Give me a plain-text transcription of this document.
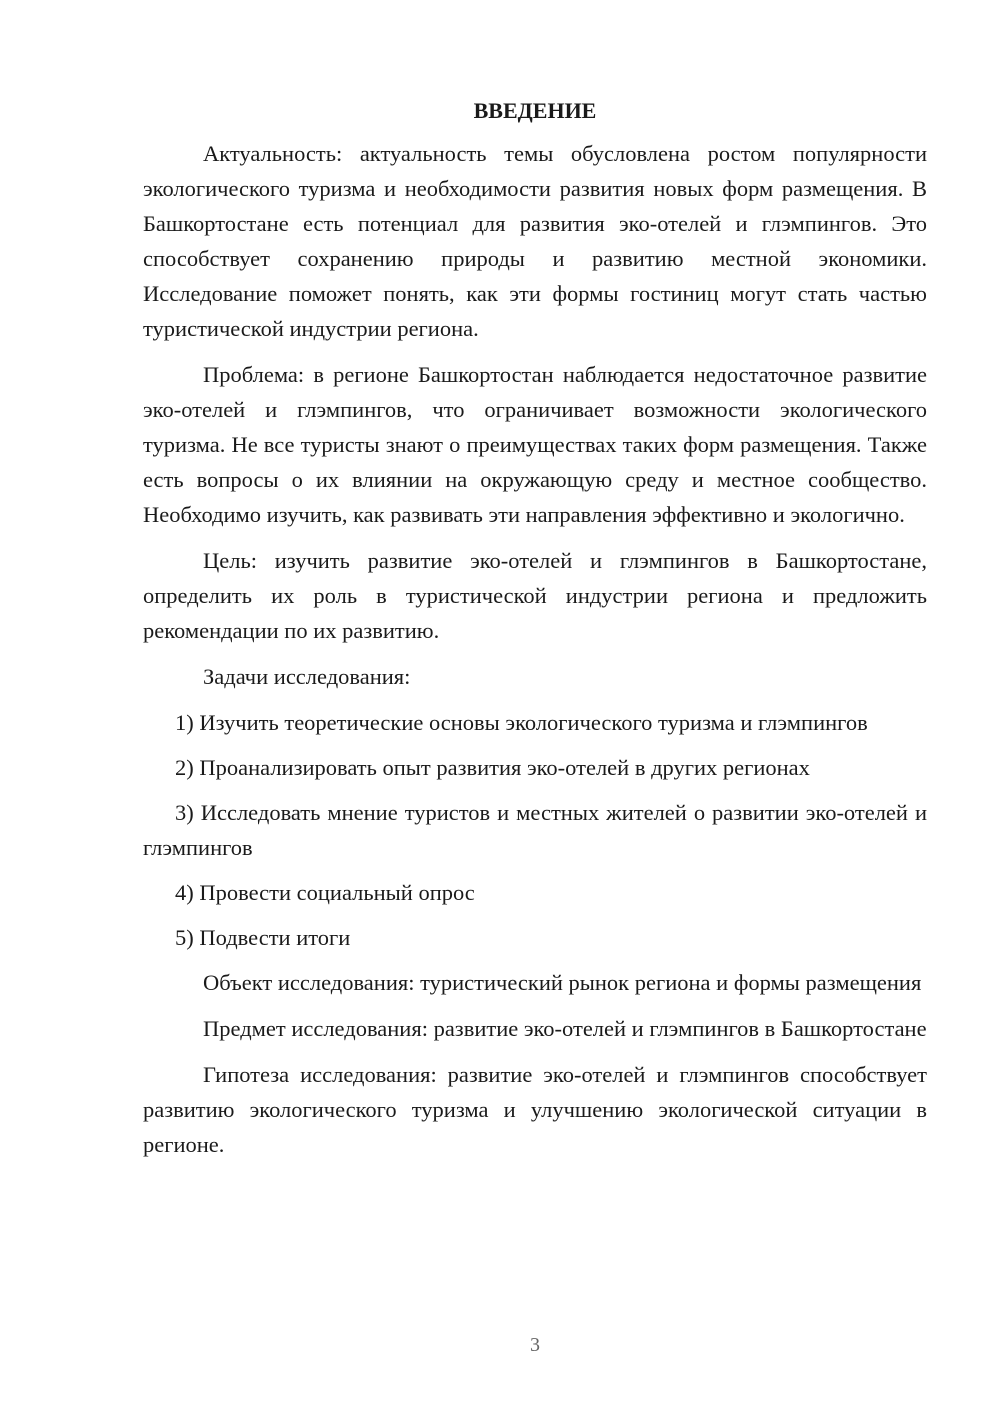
ВВЕДЕНИЕ

Актуальность: актуальность темы обусловлена ростом популярности экологического туризма и необходимости развития новых форм размещения. В Башкортостане есть потенциал для развития эко-отелей и глэмпингов. Это способствует сохранению природы и развитию местной экономики. Исследование поможет понять, как эти формы гостиниц могут стать частью туристической индустрии региона.

Проблема: в регионе Башкортостан наблюдается недостаточное развитие эко-отелей и глэмпингов, что ограничивает возможности экологического туризма. Не все туристы знают о преимуществах таких форм размещения. Также есть вопросы о их влиянии на окружающую среду и местное сообщество. Необходимо изучить, как развивать эти направления эффективно и экологично.

Цель: изучить развитие эко-отелей и глэмпингов в Башкортостане, определить их роль в туристической индустрии региона и предложить рекомендации по их развитию.

Задачи исследования:

1) Изучить теоретические основы экологического туризма и глэмпингов

2) Проанализировать опыт развития эко-отелей в других регионах

3) Исследовать мнение туристов и местных жителей о развитии эко-отелей и глэмпингов

4) Провести социальный опрос

5) Подвести итоги

Объект исследования: туристический рынок региона и формы размещения

Предмет исследования: развитие эко-отелей и глэмпингов в Башкортостане

Гипотеза исследования: развитие эко-отелей и глэмпингов способствует развитию экологического туризма и улучшению экологической ситуации в регионе.

3
